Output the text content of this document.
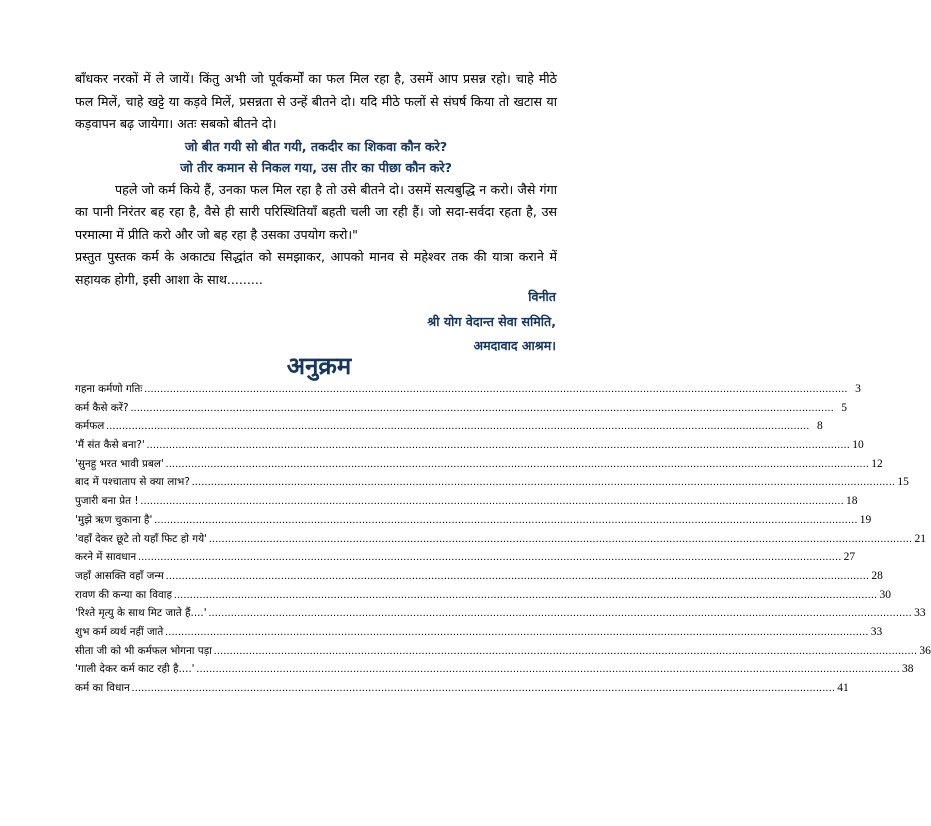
बाँधकर नरकों में ले जायें। किंतु अभी जो पूर्वकर्मों का फल मिल रहा है, उसमें आप प्रसन्न रहो। चाहे मीठे फल मिलें, चाहे खट्टे या कड़वे मिलें, प्रसन्नता से उन्हें बीतने दो। यदि मीठे फलों से संघर्ष किया तो खटास या कड़वापन बढ़ जायेगा। अतः सबको बीतने दो।

जो बीत गयी सो बीत गयी, तकदीर का शिकवा कौन करे?

जो तीर कमान से निकल गया, उस तीर का पीछा कौन करे?

पहले जो कर्म किये हैं, उनका फल मिल रहा है तो उसे बीतने दो। उसमें सत्यबुद्धि न करो। जैसे गंगा का पानी निरंतर बह रहा है, वैसे ही सारी परिस्थितियाँ बहती चली जा रही हैं। जो सदा-सर्वदा रहता है, उस परमात्मा में प्रीति करो और जो बह रहा है उसका उपयोग करो।"

प्रस्तुत पुस्तक कर्म के अकाट्य सिद्धांत को समझाकर, आपको मानव से महेश्वर तक की यात्रा कराने में सहायक होगी, इसी आशा के साथ.........

विनीत
श्री योग वेदान्त सेवा समिति,
अमदावाद आश्रम।
अनुक्रम
गहना कर्मणो गतिः ............................................................................................................................................................................................................................ 3
कर्म कैसे करें? ............................................................................................................................................................................................................................ 5
कर्मफल ............................................................................................................................................................................................................................ 8
'मैं संत कैसे बना?' ............................................................................................................................................................................................................................ 10
'सुनहु भरत भावी प्रबल' ............................................................................................................................................................................................................................ 12
बाद में पश्चाताप से क्या लाभ? ............................................................................................................................................................................................................................ 15
पुजारी बना प्रेत ! ............................................................................................................................................................................................................................ 18
'मुझे ऋण चुकाना है' ............................................................................................................................................................................................................................ 19
'वहाँ देकर छूटे तो यहाँ फिट हो गये' ............................................................................................................................................................................................................................ 21
करने में सावधान ............................................................................................................................................................................................................................ 27
जहाँ आसक्ति वहाँ जन्म ............................................................................................................................................................................................................................ 28
रावण की कन्या का विवाह ............................................................................................................................................................................................................................ 30
'रिश्ते मृत्यु के साथ मिट जाते हैं....' ............................................................................................................................................................................................................................ 33
शुभ कर्म व्यर्थ नहीं जाते ............................................................................................................................................................................................................................ 33
सीता जी को भी कर्मफल भोगना पड़ा ............................................................................................................................................................................................................................ 36
'गाली देकर कर्म काट रही है....' ............................................................................................................................................................................................................................ 38
कर्म का विधान ............................................................................................................................................................................................................................ 41
